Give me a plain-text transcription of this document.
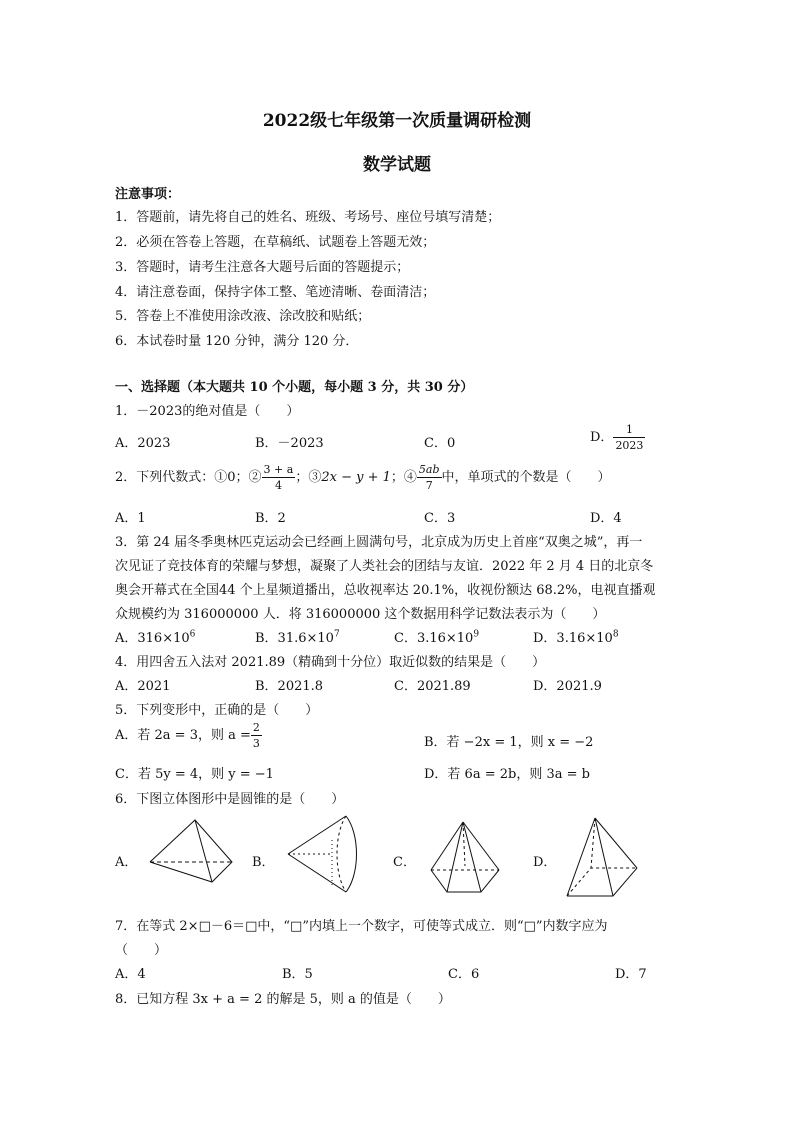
2022级七年级第一次质量调研检测
数学试题
注意事项：
1．答题前，请先将自己的姓名、班级、考场号、座位号填写清楚；
2．必须在答卷上答题，在草稿纸、试题卷上答题无效；
3．答题时，请考生注意各大题号后面的答题提示；
4．请注意卷面，保持字体工整、笔迹清晰、卷面清洁；
5．答卷上不准使用涂改液、涂改胶和贴纸；
6．本试卷时量 120 分钟，满分 120 分．
一、选择题（本大题共 10 个小题，每小题 3 分，共 30 分）
1．－2023的绝对值是（　　）
A．2023	B．－2023	C．0	D． $\frac{1}{2023}$
2．下列代数式：①0；② $\frac{3 + a}{4}$ ；③2x − y + 1；④ $\frac{5ab}{7}$ 中，单项式的个数是（　　）
A．1	B．2	C．3	D．4
3．第 24 届冬季奥林匹克运动会已经画上圆满句号，北京成为历史上首座“双奥之城”，再一
次见证了竞技体育的荣耀与梦想，凝聚了人类社会的团结与友谊．2022 年 2 月 4 日的北京冬
奥会开幕式在全国44 个上星频道播出，总收视率达 20.1%，收视份额达 68.2%，电视直播观
众规模约为 316000000 人．将 316000000 这个数据用科学记数法表示为（　　）
A．$316\times 10^6$	B．$31.6\times 10^7$	C．$3.16\times 10^9$	D．$3.16\times 10^8$
4．用四舍五入法对 2021.89（精确到十分位）取近似数的结果是（　　）
A．2021	B．2021.8	C．2021.89	D．2021.9
5．下列变形中，正确的是（　　）
A．若 2a = 3，则 $a = \frac{2}{3}$	B．若 −2x = 1，则 x = −2
C．若 5y = 4，则 y = −1	D．若 6a = 2b，则 3a = b
6．下图立体图形中是圆锥的是（　　）
A．	B．	C．	D．
7．在等式 2×□－6＝□中，“□”内填上一个数字，可使等式成立．则“□”内数字应为
（　　）
A．4	B．5	C．6	D．7
8．已知方程 3x + a = 2 的解是 5，则 a 的值是（　　）
